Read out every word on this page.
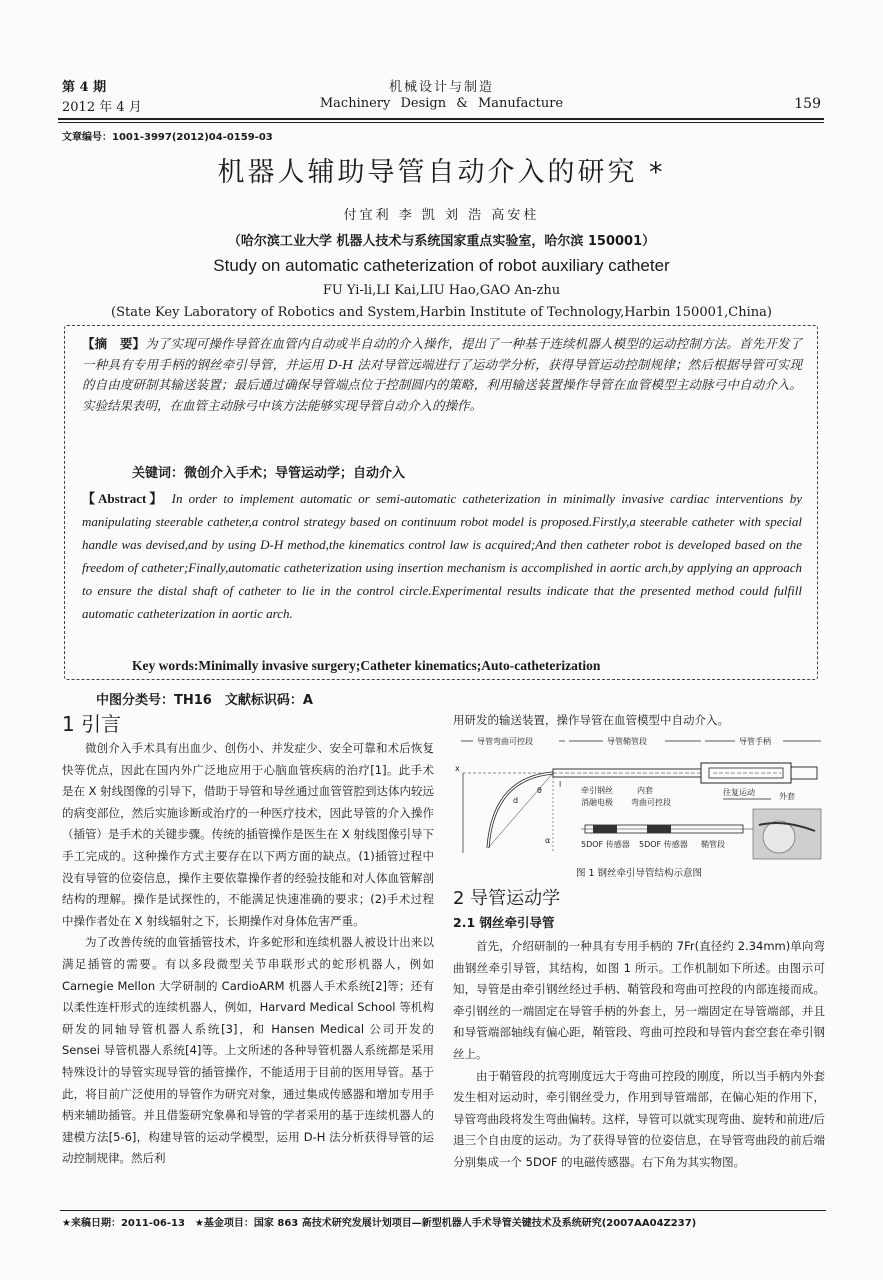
第 4 期
2012 年 4 月
机械设计与制造
Machinery Design & Manufacture	159
文章编号：1001-3997(2012)04-0159-03
机器人辅助导管自动介入的研究 *
付宜利 李 凯 刘 浩 高安柱
（哈尔滨工业大学 机器人技术与系统国家重点实验室，哈尔滨 150001）
Study on automatic catheterization of robot auxiliary catheter
FU Yi-li,LI Kai,LIU Hao,GAO An-zhu
(State Key Laboratory of Robotics and System,Harbin Institute of Technology,Harbin 150001,China)
【摘　要】为了实现可操作导管在血管内自动或半自动的介入操作，提出了一种基于连续机器人模型的运动控制方法。首先开发了一种具有专用手柄的钢丝牵引导管，并运用 D-H 法对导管远端进行了运动学分析，获得导管运动控制规律；然后根据导管可实现的自由度研制其输送装置；最后通过确保导管端点位于控制圆内的策略，利用输送装置操作导管在血管模型主动脉弓中自动介入。实验结果表明，在血管主动脉弓中该方法能够实现导管自动介入的操作。
关键词：微创介入手术；导管运动学；自动介入
【Abstract】 In order to implement automatic or semi-automatic catheterization in minimally invasive cardiac interventions by manipulating steerable catheter,a control strategy based on continuum robot model is proposed.Firstly,a steerable catheter with special handle was devised,and by using D-H method,the kinematics control law is acquired;And then catheter robot is developed based on the freedom of catheter;Finally,automatic catheterization using insertion mechanism is accomplished in aortic arch,by applying an approach to ensure the distal shaft of catheter to lie in the control circle.Experimental results indicate that the presented method could fulfill automatic catheterization in aortic arch.
Key words:Minimally invasive surgery;Catheter kinematics;Auto-catheterization
中图分类号：TH16　文献标识码：A
1 引言

微创介入手术具有出血少、创伤小、并发症少、安全可靠和术后恢复快等优点，因此在国内外广泛地应用于心脑血管疾病的治疗[1]。此手术是在 X 射线图像的引导下，借助于导管和导丝通过血管管腔到达体内较远的病变部位，然后实施诊断或治疗的一种医疗技术，因此导管的介入操作（插管）是手术的关键步骤。传统的插管操作是医生在 X 射线图像引导下手工完成的。这种操作方式主要存在以下两方面的缺点。(1)插管过程中没有导管的位姿信息，操作主要依靠操作者的经验技能和对人体血管解剖结构的理解。操作是试探性的，不能满足快速准确的要求；(2)手术过程中操作者处在 X 射线辐射之下，长期操作对身体危害严重。

为了改善传统的血管插管技术，许多蛇形和连续机器人被设计出来以满足插管的需要。有以多段微型关节串联形式的蛇形机器人，例如 Carnegie Mellon 大学研制的 CardioARM 机器人手术系统[2]等；还有以柔性连杆形式的连续机器人，例如，Harvard Medical School 等机构研发的同轴导管机器人系统[3]，和 Hansen Medical 公司开发的 Sensei 导管机器人系统[4]等。上文所述的各种导管机器人系统都是采用特殊设计的导管实现导管的插管操作，不能适用于目前的医用导管。基于此，将目前广泛使用的导管作为研究对象，通过集成传感器和增加专用手柄来辅助插管。并且借鉴研究象鼻和导管的学者采用的基于连续机器人的建模方法[5-6]，构建导管的运动学模型，运用 D-H 法分析获得导管的运动控制规律。然后利

用研发的输送装置，操作导管在血管模型中自动介入。
导管弯曲可控段	导管鞘管段	导管手柄
x
d
θ
α
l
牵引钢丝	内套
消融电极 弯曲可控段
往复运动	外套
5DOF 传感器 5DOF 传感器 鞘管段
图 1 钢丝牵引导管结构示意图
2 导管运动学
2.1 钢丝牵引导管

首先，介绍研制的一种具有专用手柄的 7Fr(直径约 2.34mm)单向弯曲钢丝牵引导管，其结构，如图 1 所示。工作机制如下所述。由图示可知，导管是由牵引钢丝经过手柄、鞘管段和弯曲可控段的内部连接而成。牵引钢丝的一端固定在导管手柄的外套上，另一端固定在导管端部，并且和导管端部轴线有偏心距，鞘管段、弯曲可控段和导管内套空套在牵引钢丝上。

由于鞘管段的抗弯刚度远大于弯曲可控段的刚度，所以当手柄内外套发生相对运动时，牵引钢丝受力，作用到导管端部，在偏心矩的作用下，导管弯曲段将发生弯曲偏转。这样，导管可以就实现弯曲、旋转和前进/后退三个自由度的运动。为了获得导管的位姿信息，在导管弯曲段的前后端分别集成一个 5DOF 的电磁传感器。右下角为其实物图。

★来稿日期：2011-06-13　★基金项目：国家 863 高技术研究发展计划项目—新型机器人手术导管关键技术及系统研究(2007AA04Z237)
